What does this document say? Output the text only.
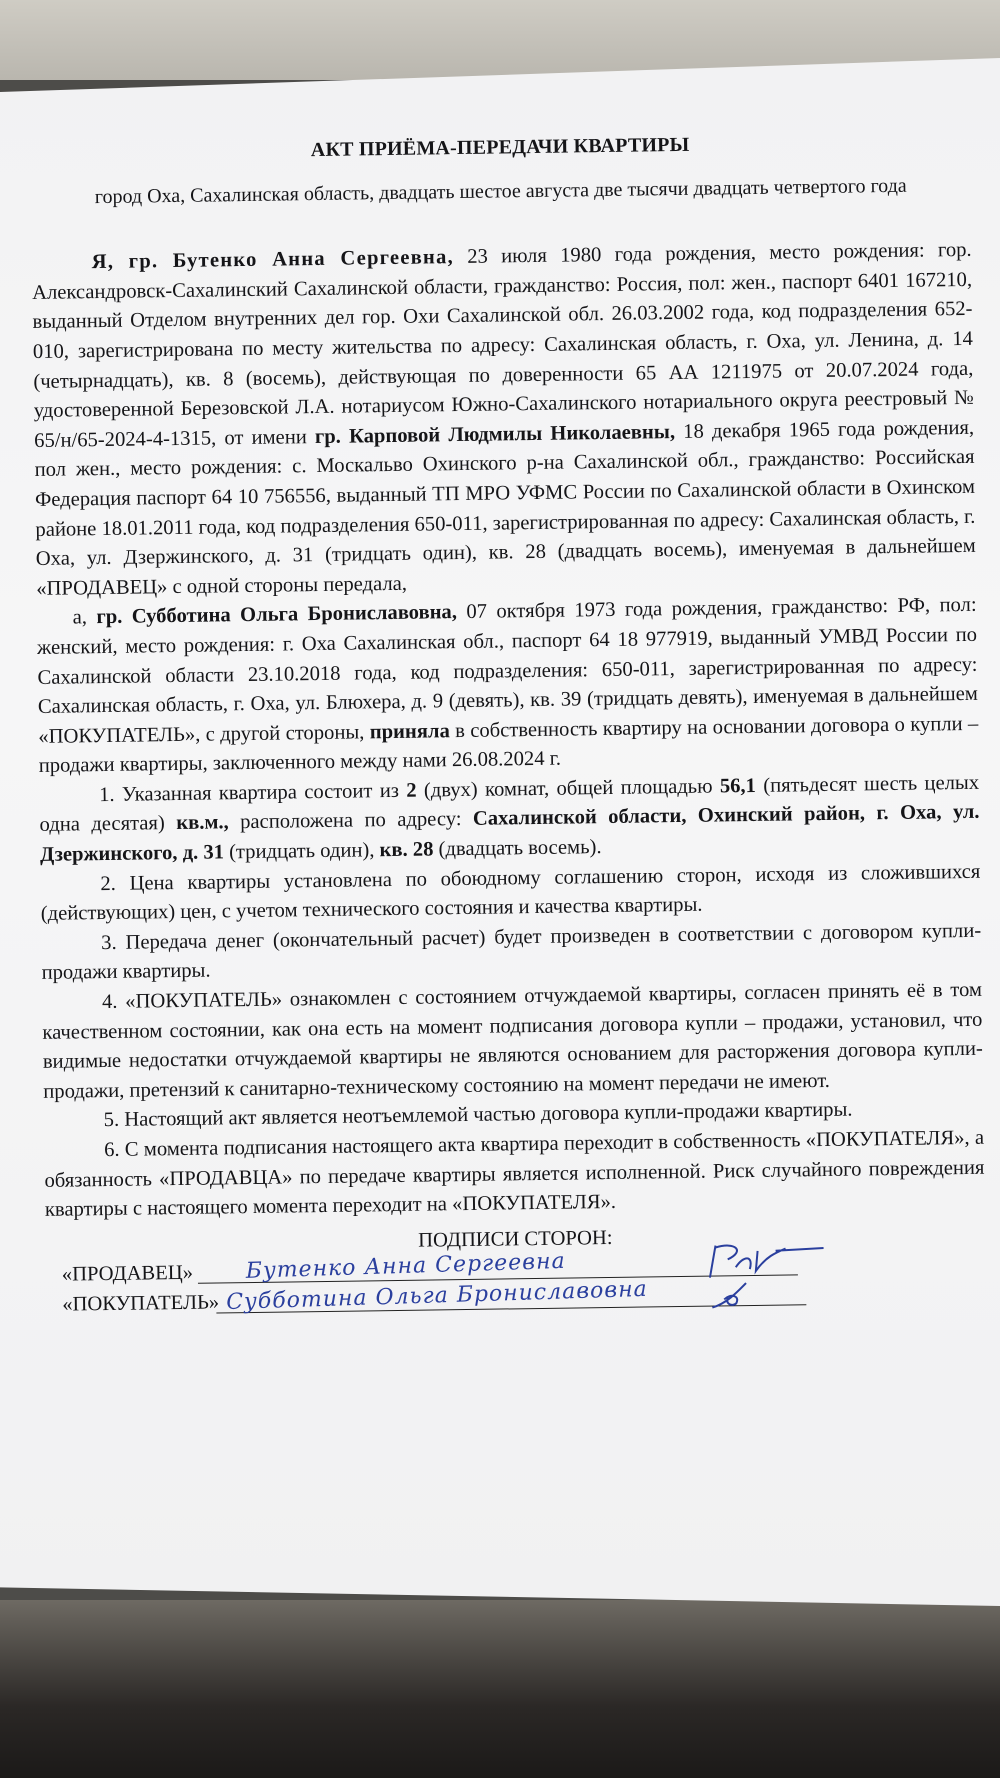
АКТ ПРИЁМА-ПЕРЕДАЧИ КВАРТИРЫ
город Оха, Сахалинская область, двадцать шестое августа две тысячи двадцать четвертого года

Я, гр. Бутенко Анна Сергеевна, 23 июля 1980 года рождения, место рождения: гор. Александровск-Сахалинский Сахалинской области, гражданство: Россия, пол: жен., паспорт 6401 167210, выданный Отделом внутренних дел гор. Охи Сахалинской обл. 26.03.2002 года, код подразделения 652-010, зарегистрирована по месту жительства по адресу: Сахалинская область, г. Оха, ул. Ленина, д. 14 (четырнадцать), кв. 8 (восемь), действующая по доверенности 65 АА 1211975 от 20.07.2024 года, удостоверенной Березовской Л.А. нотариусом Южно-Сахалинского нотариального округа реестровый № 65/н/65-2024-4-1315, от имени гр. Карповой Людмилы Николаевны, 18 декабря 1965 года рождения, пол жен., место рождения: с. Москальво Охинского р-на Сахалинской обл., гражданство: Российская Федерация паспорт 64 10 756556, выданный ТП МРО УФМС России по Сахалинской области в Охинском районе 18.01.2011 года, код подразделения 650-011, зарегистрированная по адресу: Сахалинская область, г. Оха, ул. Дзержинского, д. 31 (тридцать один), кв. 28 (двадцать восемь), именуемая в дальнейшем «ПРОДАВЕЦ» с одной стороны передала,

а, гр. Субботина Ольга Брониславовна, 07 октября 1973 года рождения, гражданство: РФ, пол: женский, место рождения: г. Оха Сахалинская обл., паспорт 64 18 977919, выданный УМВД России по Сахалинской области 23.10.2018 года, код подразделения: 650-011, зарегистрированная по адресу: Сахалинская область, г. Оха, ул. Блюхера, д. 9 (девять), кв. 39 (тридцать девять), именуемая в дальнейшем «ПОКУПАТЕЛЬ», с другой стороны, приняла в собственность квартиру на основании договора о купли – продажи квартиры, заключенного между нами 26.08.2024 г.

1. Указанная квартира состоит из 2 (двух) комнат, общей площадью 56,1 (пятьдесят шесть целых одна десятая) кв.м., расположена по адресу: Сахалинской области, Охинский район, г. Оха, ул. Дзержинского, д. 31 (тридцать один), кв. 28 (двадцать восемь).

2. Цена квартиры установлена по обоюдному соглашению сторон, исходя из сложившихся (действующих) цен, с учетом технического состояния и качества квартиры.

3. Передача денег (окончательный расчет) будет произведен в соответствии с договором купли-продажи квартиры.

4. «ПОКУПАТЕЛЬ» ознакомлен с состоянием отчуждаемой квартиры, согласен принять её в том качественном состоянии, как она есть на момент подписания договора купли – продажи, установил, что видимые недостатки отчуждаемой квартиры не являются основанием для расторжения договора купли-продажи, претензий к санитарно-техническому состоянию на момент передачи не имеют.

5. Настоящий акт является неотъемлемой частью договора купли-продажи квартиры.

6. С момента подписания настоящего акта квартира переходит в собственность «ПОКУПАТЕЛЯ», а обязанность «ПРОДАВЦА» по передаче квартиры является исполненной. Риск случайного повреждения квартиры с настоящего момента переходит на «ПОКУПАТЕЛЯ».

ПОДПИСИ СТОРОН:
«ПРОДАВЕЦ» Бутенко Анна Сергеевна
«ПОКУПАТЕЛЬ» Субботина Ольга Брониславовна
